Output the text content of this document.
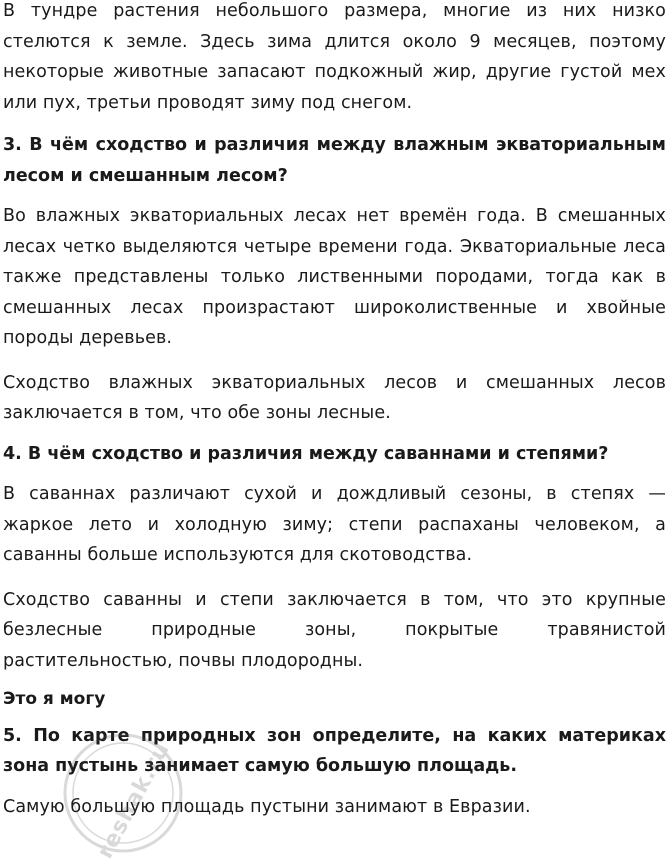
В тундре растения небольшого размера, многие из них низко стелются к земле. Здесь зима длится около 9 месяцев, поэтому некоторые животные запасают подкожный жир, другие густой мех или пух, третьи проводят зиму под снегом.

3. В чём сходство и различия между влажным экваториальным лесом и смешанным лесом?

Во влажных экваториальных лесах нет времён года. В смешанных лесах четко выделяются четыре времени года. Экваториальные леса также представлены только лиственными породами, тогда как в смешанных лесах произрастают широколиственные и хвойные породы деревьев.

Сходство влажных экваториальных лесов и смешанных лесов заключается в том, что обе зоны лесные.

4. В чём сходство и различия между саваннами и степями?

В саваннах различают сухой и дождливый сезоны, в степях — жаркое лето и холодную зиму; степи распаханы человеком, а саванны больше используются для скотоводства.

Сходство саванны и степи заключается в том, что это крупные безлесные природные зоны, покрытые травянистой растительностью, почвы плодородны.

Это я могу
5. По карте природных зон определите, на каких материках зона пустынь занимает самую большую площадь.

Самую большую площадь пустыни занимают в Евразии.

reshak.ru
